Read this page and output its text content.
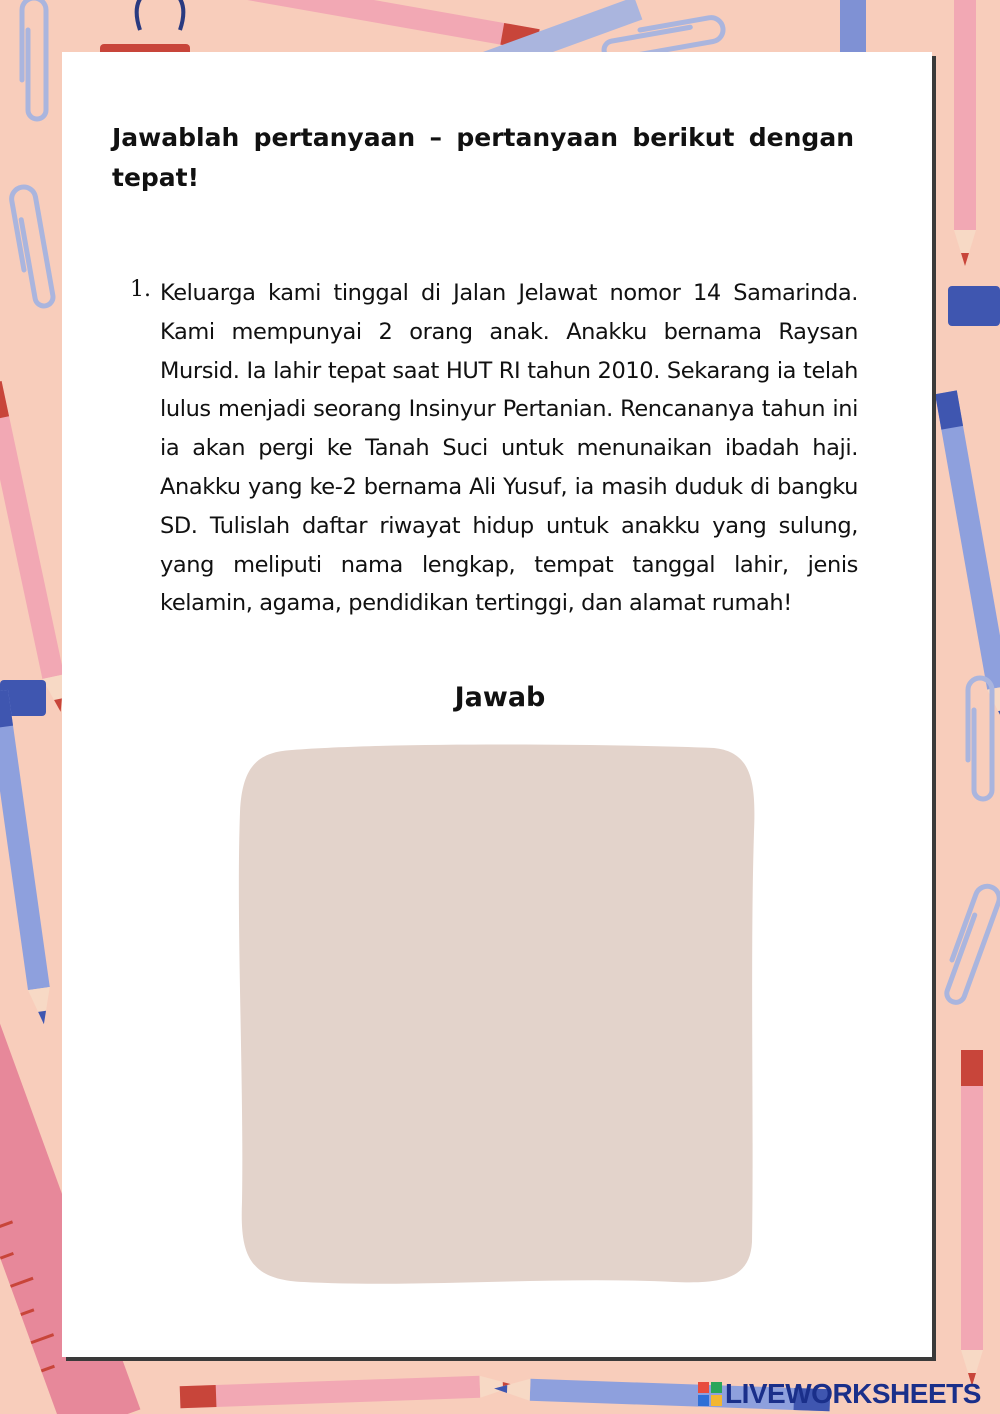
Jawablah pertanyaan – pertanyaan berikut dengan tepat!
1. Keluarga kami tinggal di Jalan Jelawat nomor 14 Samarinda. Kami mempunyai 2 orang anak. Anakku bernama Raysan Mursid. Ia lahir tepat saat HUT RI tahun 2010. Sekarang ia telah lulus menjadi seorang Insinyur Pertanian. Rencananya tahun ini ia akan pergi ke Tanah Suci untuk menunaikan ibadah haji. Anakku yang ke-2 bernama Ali Yusuf, ia masih duduk di bangku SD. Tulislah daftar riwayat hidup untuk anakku yang sulung, yang meliputi nama lengkap, tempat tanggal lahir, jenis kelamin, agama, pendidikan tertinggi, dan alamat rumah!
Jawab
LIVEWORKSHEETS
